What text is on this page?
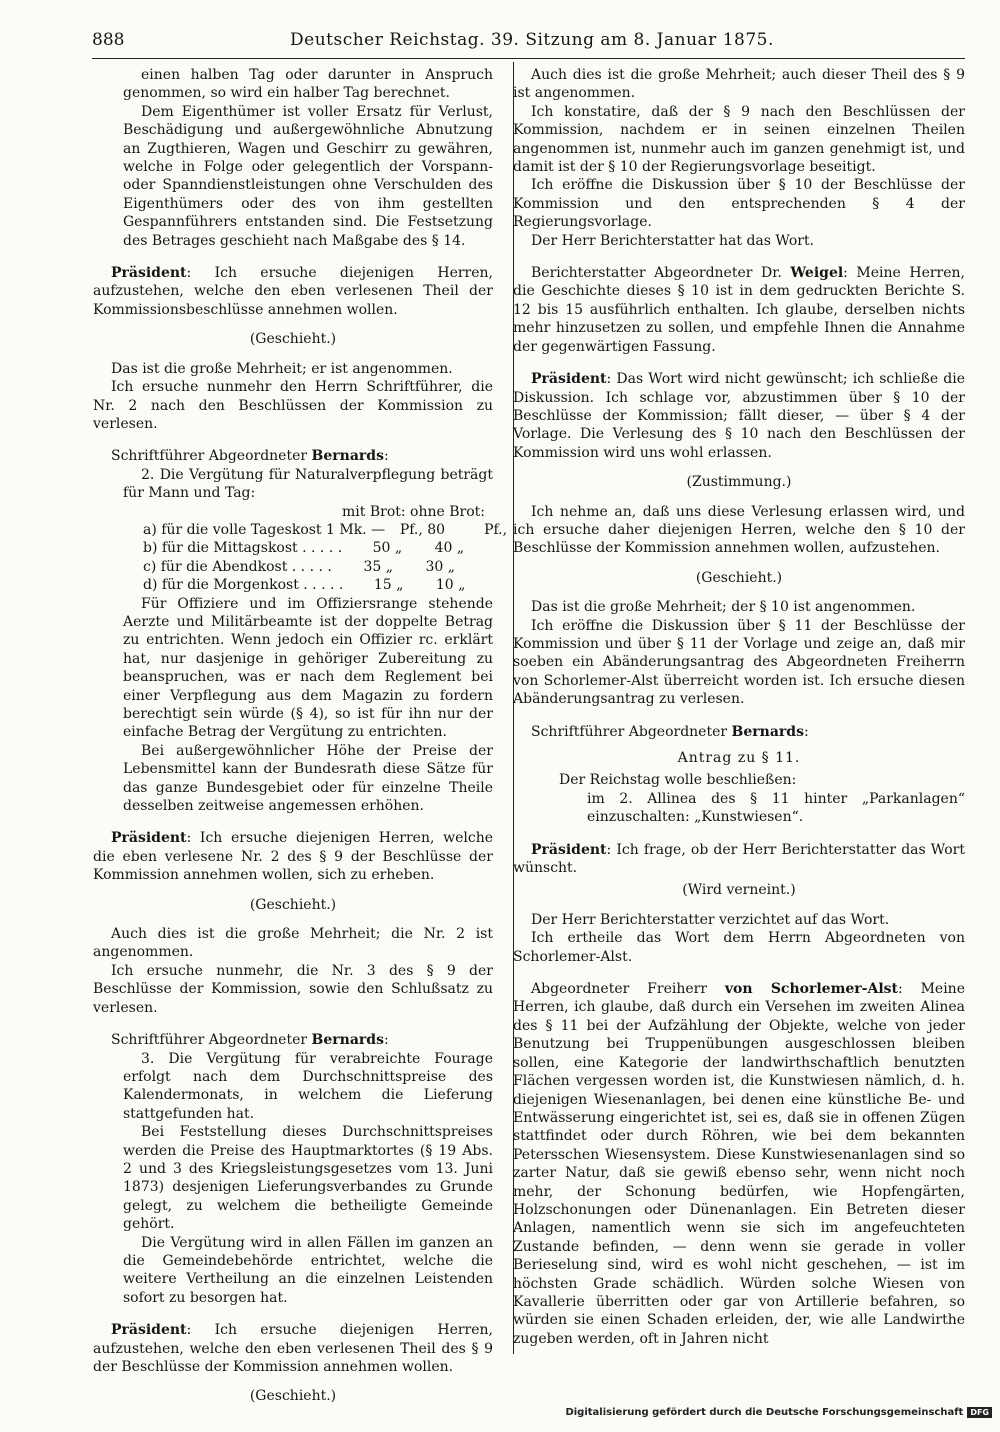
888	Deutscher Reichstag. 39. Sitzung am 8. Januar 1875.

einen halben Tag oder darunter in Anspruch genommen, so wird ein halber Tag berechnet.

Dem Eigenthümer ist voller Ersatz für Verlust, Beschädigung und außergewöhnliche Abnutzung an Zugthieren, Wagen und Geschirr zu gewähren, welche in Folge oder gelegentlich der Vorspann- oder Spanndienstleistungen ohne Verschulden des Eigenthümers oder des von ihm gestellten Gespannführers entstanden sind. Die Festsetzung des Betrages geschieht nach Maßgabe des § 14.

Präsident: Ich ersuche diejenigen Herren, aufzustehen, welche den eben verlesenen Theil der Kommissionsbeschlüsse annehmen wollen.

(Geschieht.)

Das ist die große Mehrheit; er ist angenommen.

Ich ersuche nunmehr den Herrn Schriftführer, die Nr. 2 nach den Beschlüssen der Kommission zu verlesen.

Schriftführer Abgeordneter Bernards:

2. Die Vergütung für Naturalverpflegung beträgt für Mann und Tag:

mit Brot: ohne Brot:
a) für die volle Tageskost 1 Mk. —	Pf., 80	Pf.,
b) für die Mittagskost . . . . .	50 „	40 „
c) für die Abendkost . . . . .	35 „	30 „
d) für die Morgenkost . . . . .	15 „	10 „

Für Offiziere und im Offiziersrange stehende Aerzte und Militärbeamte ist der doppelte Betrag zu entrichten. Wenn jedoch ein Offizier rc. erklärt hat, nur dasjenige in gehöriger Zubereitung zu beanspruchen, was er nach dem Reglement bei einer Verpflegung aus dem Magazin zu fordern berechtigt sein würde (§ 4), so ist für ihn nur der einfache Betrag der Vergütung zu entrichten.

Bei außergewöhnlicher Höhe der Preise der Lebensmittel kann der Bundesrath diese Sätze für das ganze Bundesgebiet oder für einzelne Theile desselben zeitweise angemessen erhöhen.

Präsident: Ich ersuche diejenigen Herren, welche die eben verlesene Nr. 2 des § 9 der Beschlüsse der Kommission annehmen wollen, sich zu erheben.

(Geschieht.)

Auch dies ist die große Mehrheit; die Nr. 2 ist angenommen.

Ich ersuche nunmehr, die Nr. 3 des § 9 der Beschlüsse der Kommission, sowie den Schlußsatz zu verlesen.

Schriftführer Abgeordneter Bernards:

3. Die Vergütung für verabreichte Fourage erfolgt nach dem Durchschnittspreise des Kalendermonats, in welchem die Lieferung stattgefunden hat.

Bei Feststellung dieses Durchschnittspreises werden die Preise des Hauptmarktortes (§ 19 Abs. 2 und 3 des Kriegsleistungsgesetzes vom 13. Juni 1873) desjenigen Lieferungsverbandes zu Grunde gelegt, zu welchem die betheiligte Gemeinde gehört.

Die Vergütung wird in allen Fällen im ganzen an die Gemeindebehörde entrichtet, welche die weitere Vertheilung an die einzelnen Leistenden sofort zu besorgen hat.

Präsident: Ich ersuche diejenigen Herren, aufzustehen, welche den eben verlesenen Theil des § 9 der Beschlüsse der Kommission annehmen wollen.

(Geschieht.)

Auch dies ist die große Mehrheit; auch dieser Theil des § 9 ist angenommen.

Ich konstatire, daß der § 9 nach den Beschlüssen der Kommission, nachdem er in seinen einzelnen Theilen angenommen ist, nunmehr auch im ganzen genehmigt ist, und damit ist der § 10 der Regierungsvorlage beseitigt.

Ich eröffne die Diskussion über § 10 der Beschlüsse der Kommission und den entsprechenden § 4 der Regierungsvorlage.

Der Herr Berichterstatter hat das Wort.

Berichterstatter Abgeordneter Dr. Weigel: Meine Herren, die Geschichte dieses § 10 ist in dem gedruckten Berichte S. 12 bis 15 ausführlich enthalten. Ich glaube, derselben nichts mehr hinzusetzen zu sollen, und empfehle Ihnen die Annahme der gegenwärtigen Fassung.

Präsident: Das Wort wird nicht gewünscht; ich schließe die Diskussion. Ich schlage vor, abzustimmen über § 10 der Beschlüsse der Kommission; fällt dieser, — über § 4 der Vorlage. Die Verlesung des § 10 nach den Beschlüssen der Kommission wird uns wohl erlassen.

(Zustimmung.)

Ich nehme an, daß uns diese Verlesung erlassen wird, und ich ersuche daher diejenigen Herren, welche den § 10 der Beschlüsse der Kommission annehmen wollen, aufzustehen.

(Geschieht.)

Das ist die große Mehrheit; der § 10 ist angenommen.

Ich eröffne die Diskussion über § 11 der Beschlüsse der Kommission und über § 11 der Vorlage und zeige an, daß mir soeben ein Abänderungsantrag des Abgeordneten Freiherrn von Schorlemer-Alst überreicht worden ist. Ich ersuche diesen Abänderungsantrag zu verlesen.

Schriftführer Abgeordneter Bernards:

Antrag zu § 11.

Der Reichstag wolle beschließen:

im 2. Allinea des § 11 hinter „Parkanlagen“ einzuschalten: „Kunstwiesen“.

Präsident: Ich frage, ob der Herr Berichterstatter das Wort wünscht.

(Wird verneint.)

Der Herr Berichterstatter verzichtet auf das Wort.

Ich ertheile das Wort dem Herrn Abgeordneten von Schorlemer-Alst.

Abgeordneter Freiherr von Schorlemer-Alst: Meine Herren, ich glaube, daß durch ein Versehen im zweiten Alinea des § 11 bei der Aufzählung der Objekte, welche von jeder Benutzung bei Truppenübungen ausgeschlossen bleiben sollen, eine Kategorie der landwirthschaftlich benutzten Flächen vergessen worden ist, die Kunstwiesen nämlich, d. h. diejenigen Wiesenanlagen, bei denen eine künstliche Be- und Entwässerung eingerichtet ist, sei es, daß sie in offenen Zügen stattfindet oder durch Röhren, wie bei dem bekannten Petersschen Wiesensystem. Diese Kunstwiesenanlagen sind so zarter Natur, daß sie gewiß ebenso sehr, wenn nicht noch mehr, der Schonung bedürfen, wie Hopfengärten, Holzschonungen oder Dünenanlagen. Ein Betreten dieser Anlagen, namentlich wenn sie sich im angefeuchteten Zustande befinden, — denn wenn sie gerade in voller Berieselung sind, wird es wohl nicht geschehen, — ist im höchsten Grade schädlich. Würden solche Wiesen von Kavallerie überritten oder gar von Artillerie befahren, so würden sie einen Schaden erleiden, der, wie alle Landwirthe zugeben werden, oft in Jahren nicht

Digitalisierung gefördert durch die Deutsche Forschungsgemeinschaft DFG
